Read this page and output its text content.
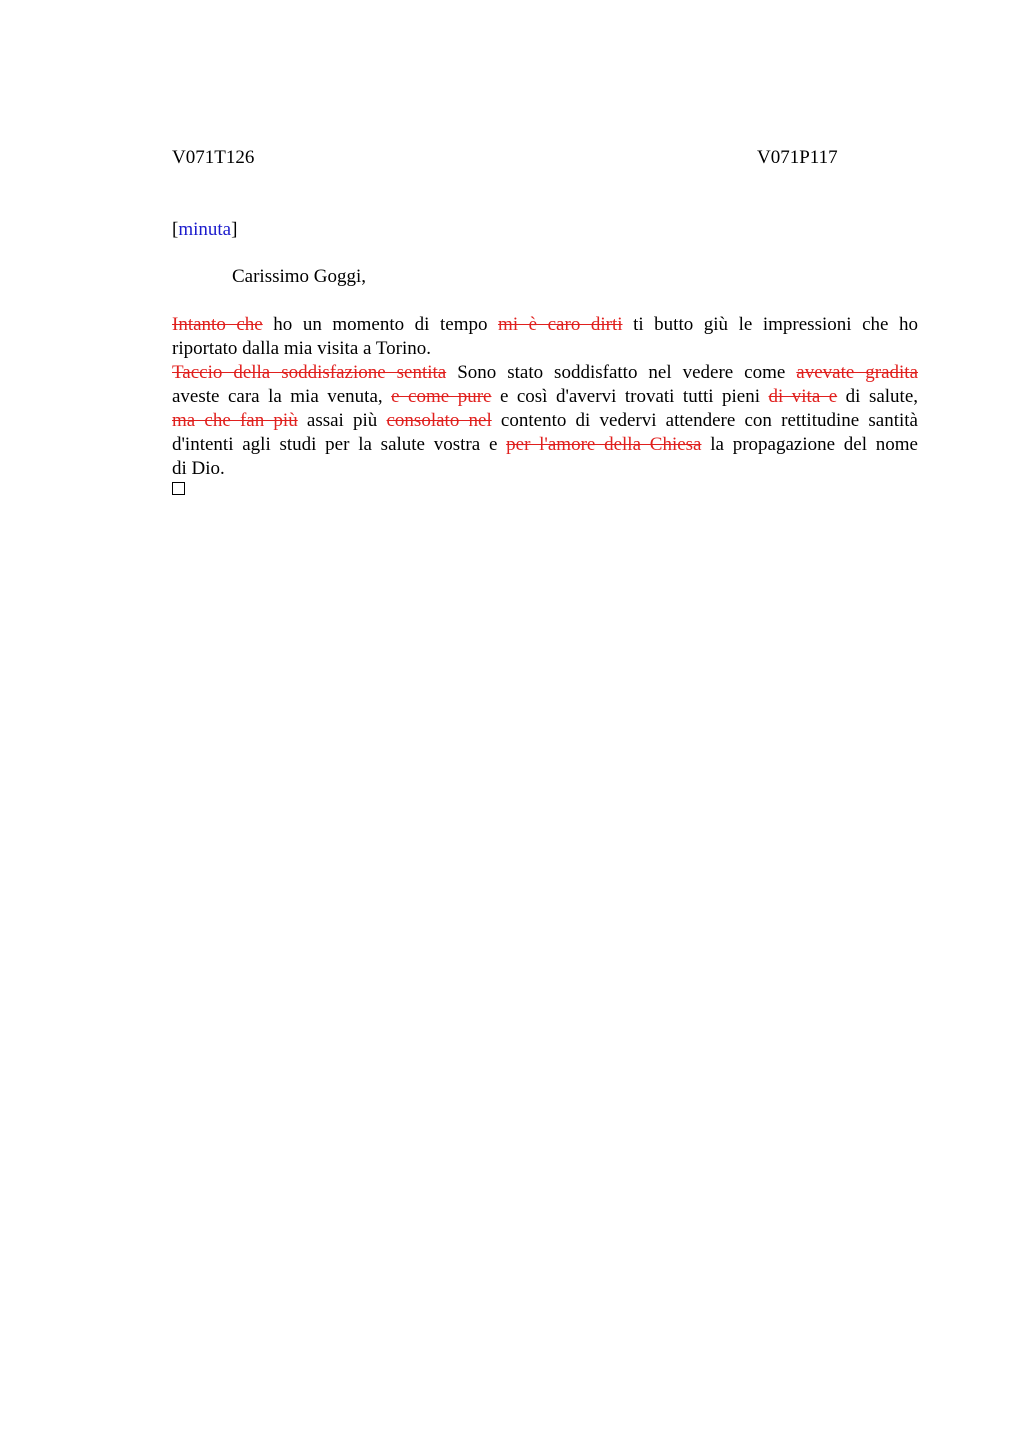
V071T126	V071P117
[minuta]
Carissimo Goggi,
Intanto che ho un momento di tempo mi è caro dirti ti butto giù le impressioni che ho
riportato dalla mia visita a Torino.
Taccio della soddisfazione sentita Sono stato soddisfatto nel vedere come avevate gradita
aveste cara la mia venuta, e come pure e così d'avervi trovati tutti pieni di vita e di salute,
ma che fan più assai più consolato nel contento di vedervi attendere con rettitudine santità
d'intenti agli studi per la salute vostra e per l'amore della Chiesa la propagazione del nome
di Dio.
